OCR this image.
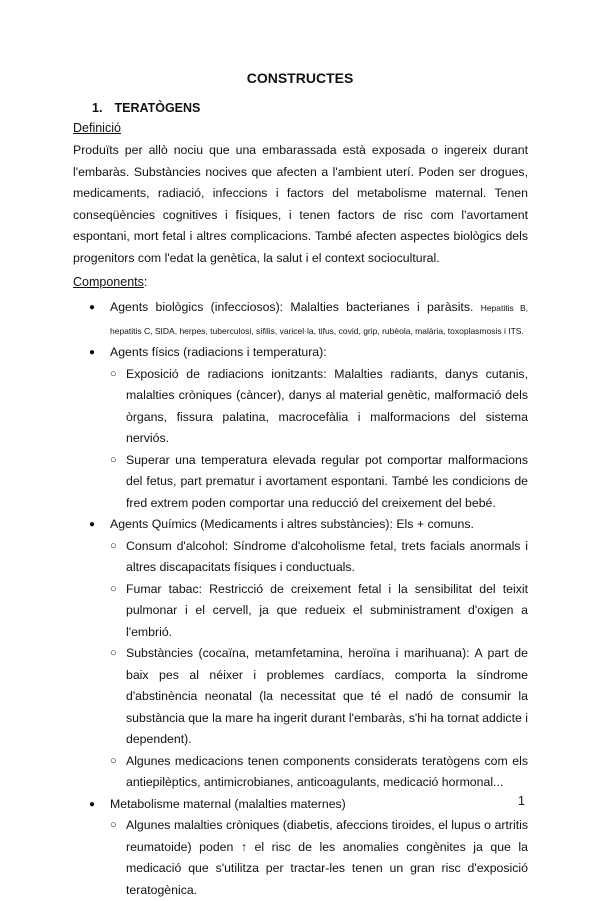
CONSTRUCTES
1. TERATÒGENS
Definició

Produïts per allò nociu que una embarassada està exposada o ingereix durant l'embaràs. Substàncies nocives que afecten a l'ambient uterí. Poden ser drogues, medicaments, radiació, infeccions i factors del metabolisme maternal. Tenen conseqüències cognitives i físiques, i tenen factors de risc com l'avortament espontani, mort fetal i altres complicacions. També afecten aspectes biològics dels progenitors com l'edat la genètica, la salut i el context sociocultural.

Components:
● Agents biològics (infecciosos): Malalties bacterianes i paràsits. Hepatitis B, hepatitis C, SIDA, herpes, tuberculosi, sífilis, varicel·la, tifus, covid, grip, rubèola, malària, toxoplasmosis i ITS.
● Agents físics (radiacions i temperatura):
○ Exposició de radiacions ionitzants: Malalties radiants, danys cutanis, malalties cròniques (càncer), danys al material genètic, malformació dels òrgans, fissura palatina, macrocefàlia i malformacions del sistema nerviós.
○ Superar una temperatura elevada regular pot comportar malformacions del fetus, part prematur i avortament espontani. També les condicions de fred extrem poden comportar una reducció del creixement del bebé.
● Agents Químics (Medicaments i altres substàncies): Els + comuns.
○ Consum d'alcohol: Síndrome d'alcoholisme fetal, trets facials anormals i altres discapacitats físiques i conductuals.
○ Fumar tabac: Restricció de creixement fetal i la sensibilitat del teixit pulmonar i el cervell, ja que redueix el subministrament d'oxigen a l'embrió.
○ Substàncies (cocaïna, metamfetamina, heroïna i marihuana): A part de baix pes al néixer i problemes cardíacs, comporta la síndrome d'abstinència neonatal (la necessitat que té el nadó de consumir la substància que la mare ha ingerit durant l'embaràs, s'hi ha tornat addicte i dependent).
○ Algunes medicacions tenen components considerats teratògens com els antiepilèptics, antimicrobianes, anticoagulants, medicació hormonal...
● Metabolisme maternal (malalties maternes)
○ Algunes malalties cròniques (diabetis, afeccions tiroides, el lupus o artritis reumatoide) poden ↑ el risc de les anomalies congènites ja que la medicació que s'utilitza per tractar-les tenen un gran risc d'exposició teratogènica.
1
